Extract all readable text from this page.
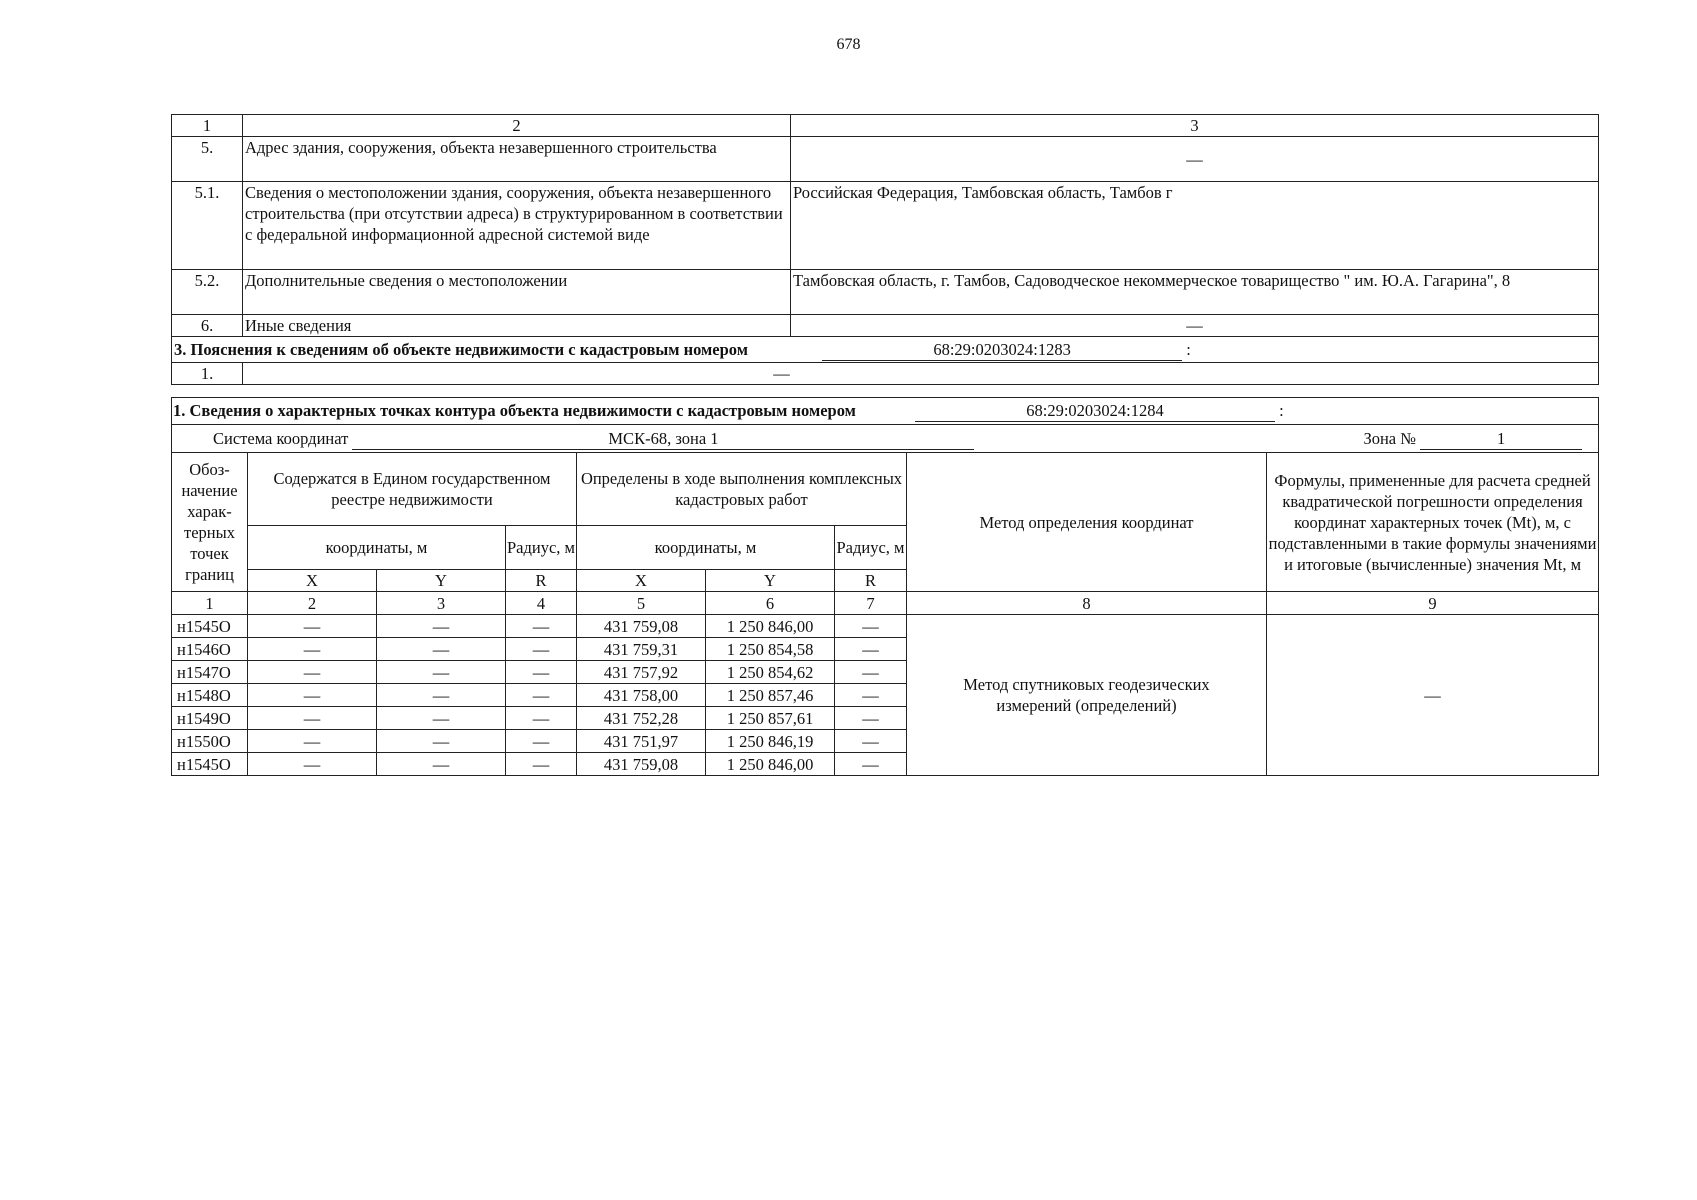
678
1	2	3
5.	Адрес здания, сооружения, объекта незавершенного строительства	—
5.1.	Сведения о местоположении здания, сооружения, объекта незавершенного строительства (при отсутствии адреса) в структурированном в соответствии с федеральной информационной адресной системой виде	Российская Федерация, Тамбовская область, Тамбов г
5.2.	Дополнительные сведения о местоположении	Тамбовская область, г. Тамбов, Садоводческое некоммерческое товарищество " им. Ю.А. Гагарина", 8
6.	Иные сведения	—
3. Пояснения к сведениям об объекте недвижимости с кадастровым номером 68:29:0203024:1283 :		
1.	—	
1. Сведения о характерных точках контура объекта недвижимости с кадастровым номером 68:29:0203024:1284 :								
Система координат МСК-68, зона 1 Зона № 1								

Обоз-начение харак-терных точек границ	Содержатся в Едином государственном реестре недвижимости			Определены в ходе выполнения комплексных кадастровых работ			Метод определения координат	Формулы, примененные для расчета средней квадратической погрешности определения координат характерных точек (Mt), м, с подставленными в такие формулы значениями и итоговые (вычисленные) значения Mt, м
	координаты, м		Радиус, м	координаты, м		Радиус, м		
	X	Y	R	X	Y	R		
1	2	3	4	5	6	7	8	9
н1545О	—	—	—	431 759,08	1 250 846,00	—	Метод спутниковых геодезических измерений (определений)	—
н1546О	—	—	—	431 759,31	1 250 854,58	—		
н1547О	—	—	—	431 757,92	1 250 854,62	—		
н1548О	—	—	—	431 758,00	1 250 857,46	—		
н1549О	—	—	—	431 752,28	1 250 857,61	—		
н1550О	—	—	—	431 751,97	1 250 846,19	—		
н1545О	—	—	—	431 759,08	1 250 846,00	—		
